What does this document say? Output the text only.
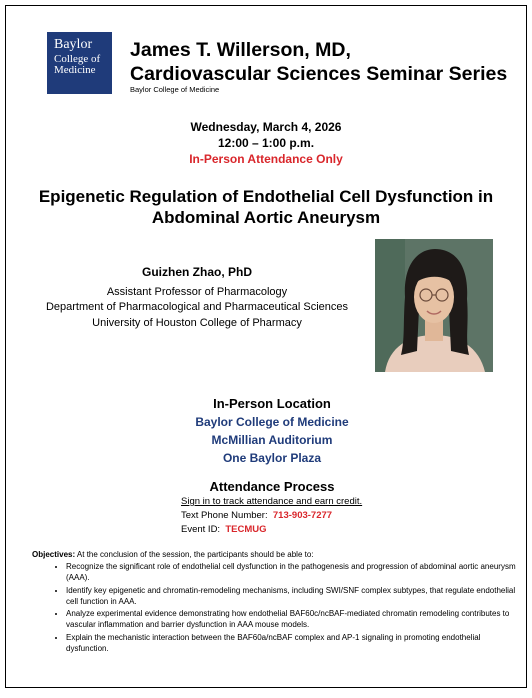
Baylor
College of
Medicine
James T. Willerson, MD,
Cardiovascular Sciences Seminar Series
Baylor College of Medicine
Wednesday, March 4, 2026
12:00 – 1:00 p.m.
In-Person Attendance Only
Epigenetic Regulation of Endothelial Cell Dysfunction in
Abdominal Aortic Aneurysm
Guizhen Zhao, PhD
Assistant Professor of Pharmacology
Department of Pharmacological and Pharmaceutical Sciences
University of Houston College of Pharmacy
In-Person Location
Baylor College of Medicine
McMillian Auditorium
One Baylor Plaza
Attendance Process
Sign in to track attendance and earn credit.
Text Phone Number: 713-903-7277
Event ID: TECMUG
Objectives: At the conclusion of the session, the participants should be able to:
• Recognize the significant role of endothelial cell dysfunction in the pathogenesis and progression of abdominal aortic aneurysm (AAA).
• Identify key epigenetic and chromatin-remodeling mechanisms, including SWI/SNF complex subtypes, that regulate endothelial cell function in AAA.
• Analyze experimental evidence demonstrating how endothelial BAF60c/ncBAF-mediated chromatin remodeling contributes to vascular inflammation and barrier dysfunction in AAA mouse models.
• Explain the mechanistic interaction between the BAF60a/ncBAF complex and AP-1 signaling in promoting endothelial dysfunction.
